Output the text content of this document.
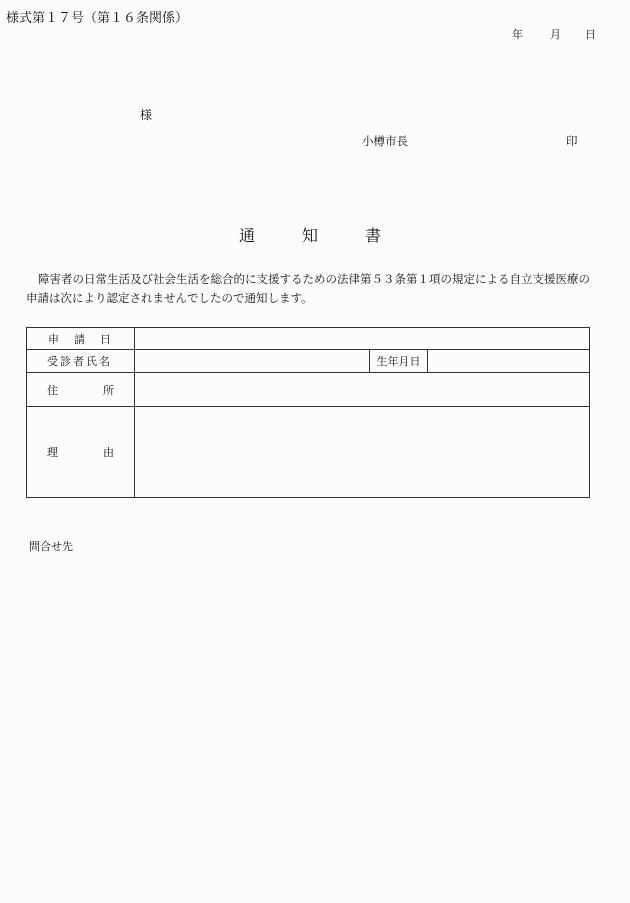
様式第１７号（第１６条関係）
年 月 日
様
小樽市長	印
通	知	書
障害者の日常生活及び社会生活を総合的に支援するための法律第５３条第１項の規定による自立支援医療の申請は次により認定されませんでしたので通知します。
申 請 日			

受診者氏名		生年月日	

住 所			

理 由			

問合せ先
